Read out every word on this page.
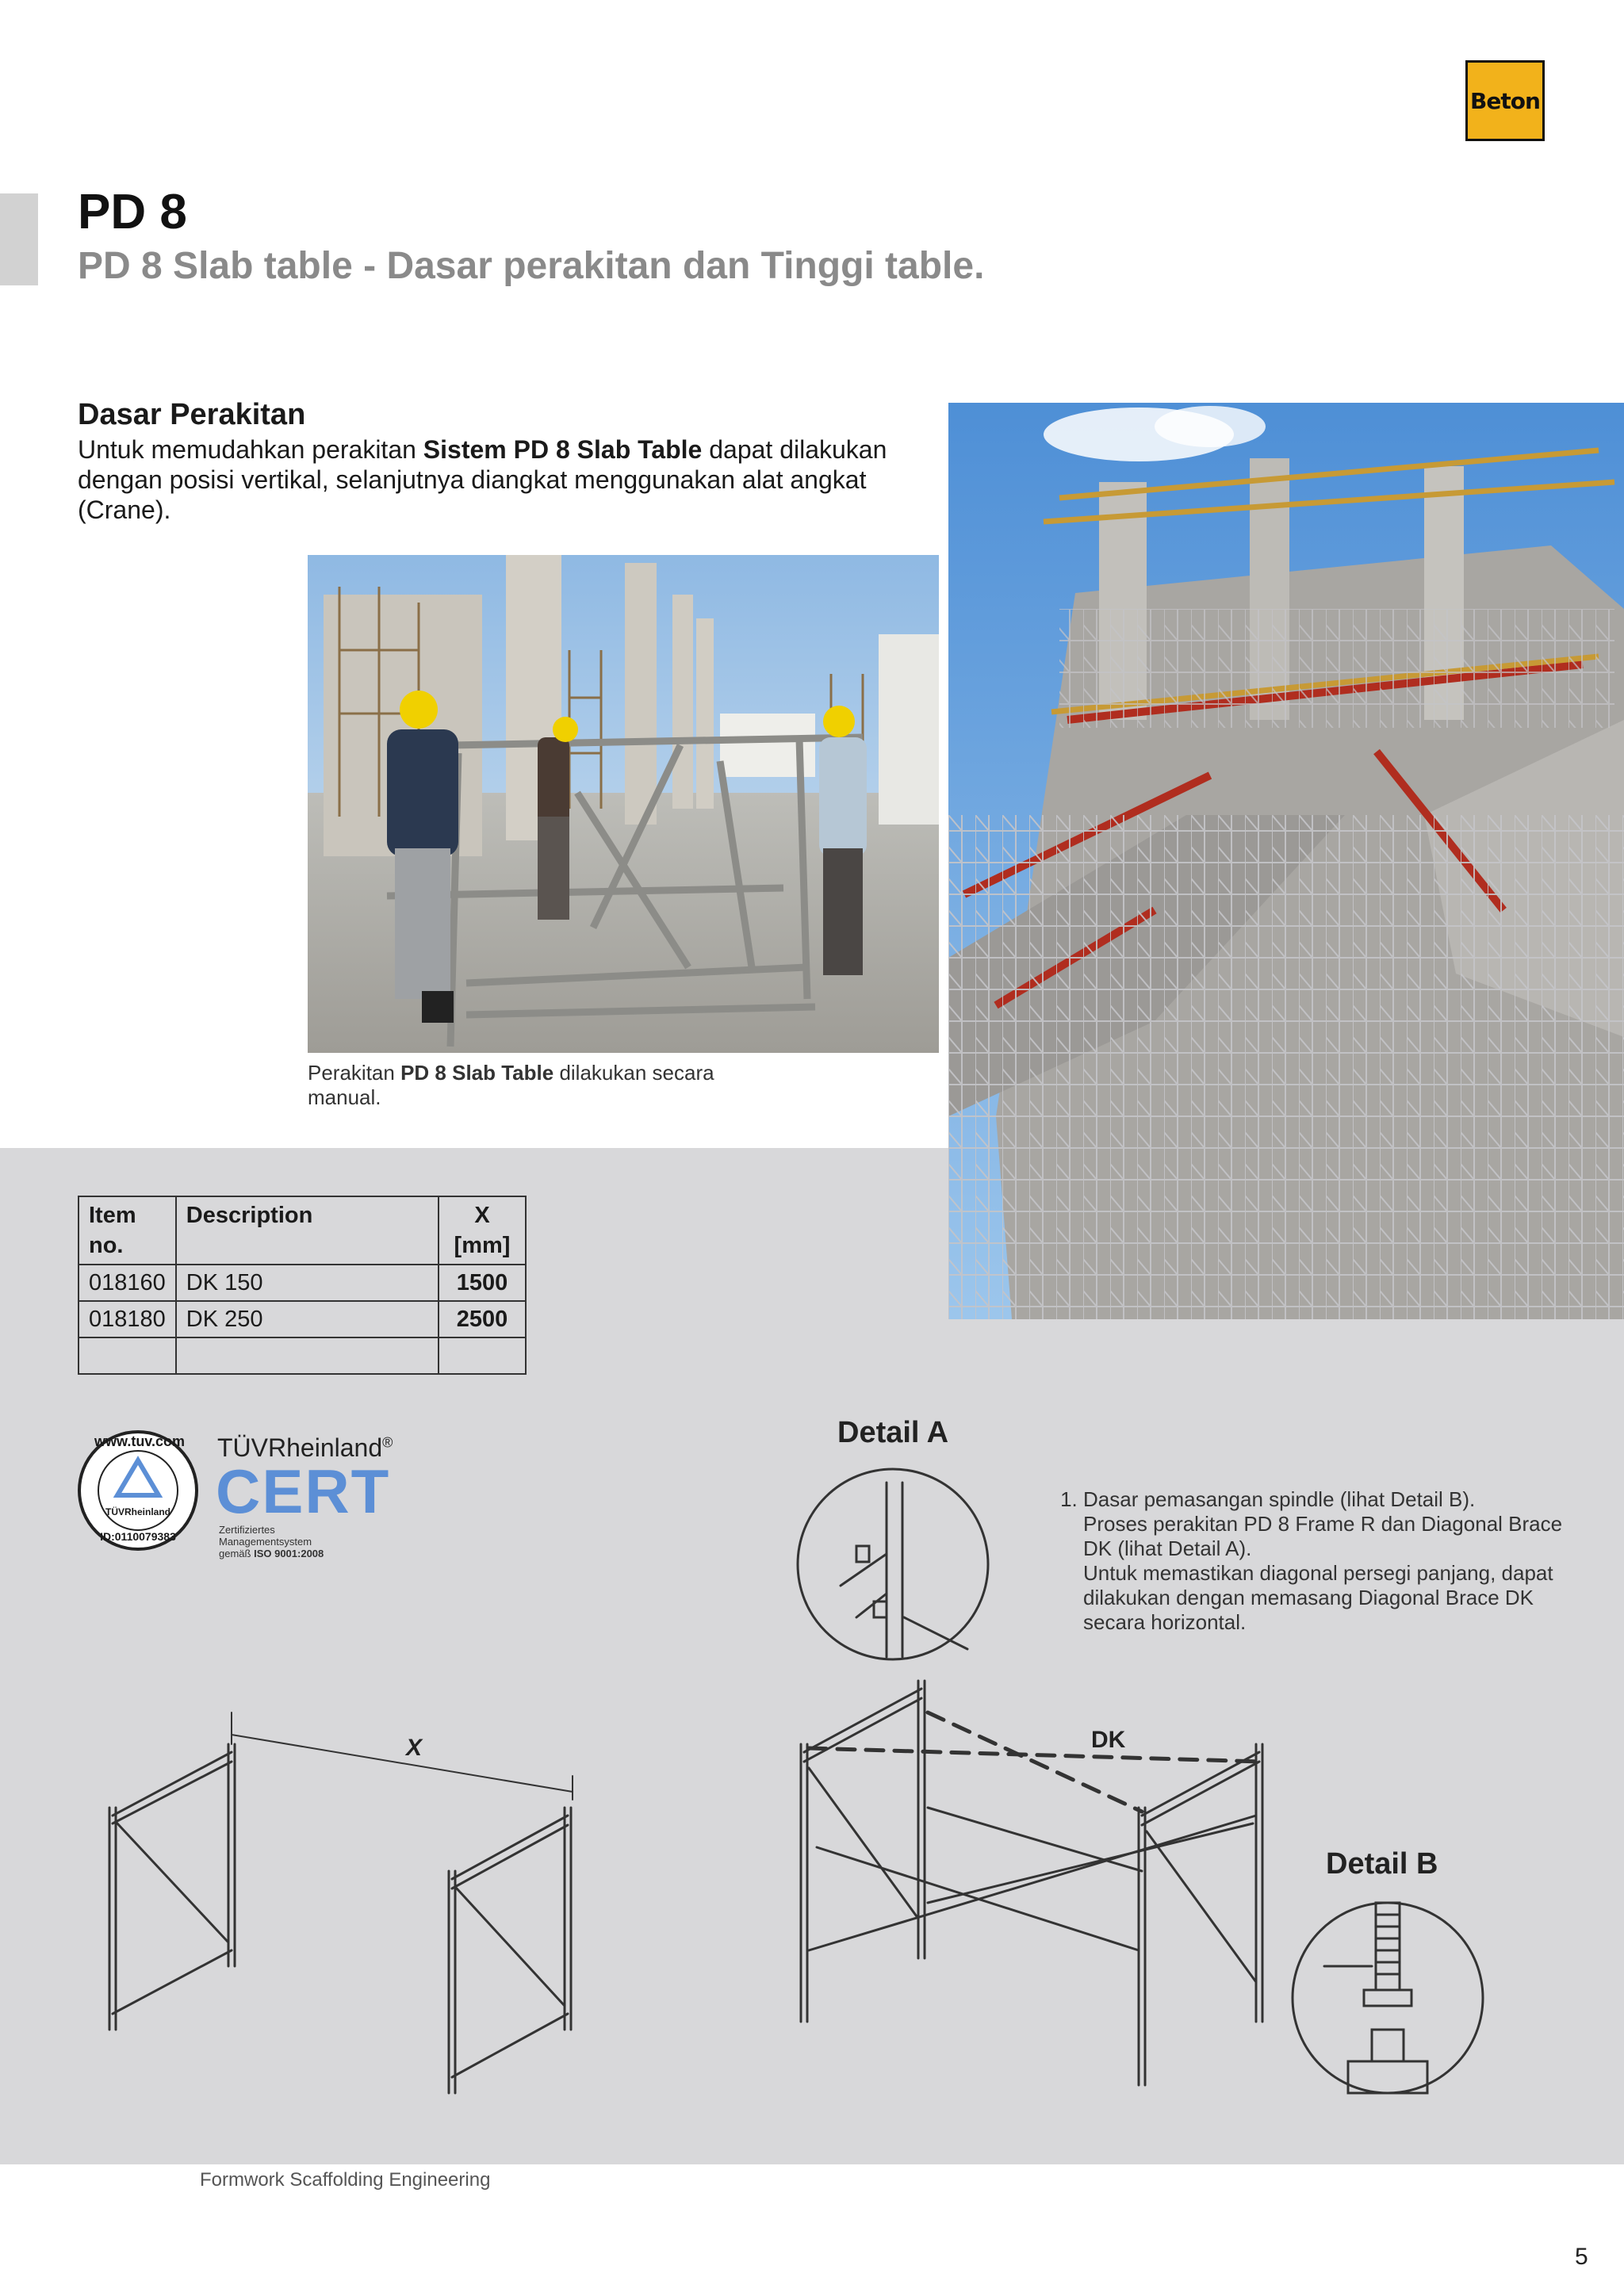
Beton
PD 8
PD 8 Slab table - Dasar perakitan dan Tinggi table.
Dasar Perakitan
Untuk memudahkan perakitan Sistem PD 8 Slab Table dapat dilakukan dengan posisi vertikal, selanjutnya diangkat menggunakan alat angkat (Crane).
Perakitan PD 8 Slab Table dilakukan secara manual.
Item no.	Description	X [mm]
018160	DK 150	1500
018180	DK 250	2500

www.tuv.com
TÜVRheinland
ID:0110079383
TÜVRheinland®
CERT
Zertifiziertes
Managementsystem
gemäß ISO 9001:2008
Detail A
Detail B
1. Dasar pemasangan spindle (lihat Detail B).
Proses perakitan PD 8 Frame R dan Diagonal Brace DK (lihat Detail A).
Untuk memastikan diagonal persegi panjang, dapat dilakukan dengan memasang Diagonal Brace DK secara horizontal.
X	DK
Formwork Scaffolding Engineering
5
